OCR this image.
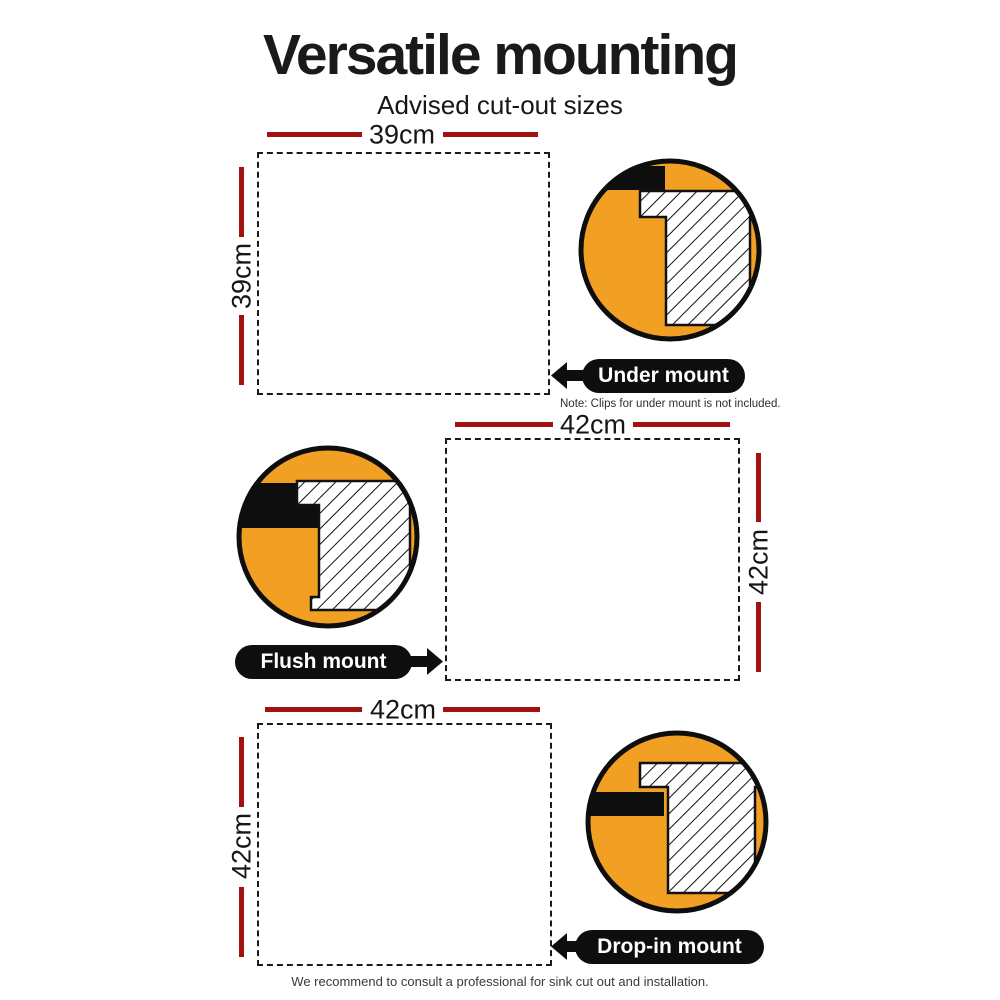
Versatile mounting
Advised cut-out sizes
39cm
39cm
Under mount
Note: Clips for under mount is not included.
42cm
42cm
Flush mount
42cm
42cm
Drop-in mount
We recommend to consult a professional for sink cut out and installation.
